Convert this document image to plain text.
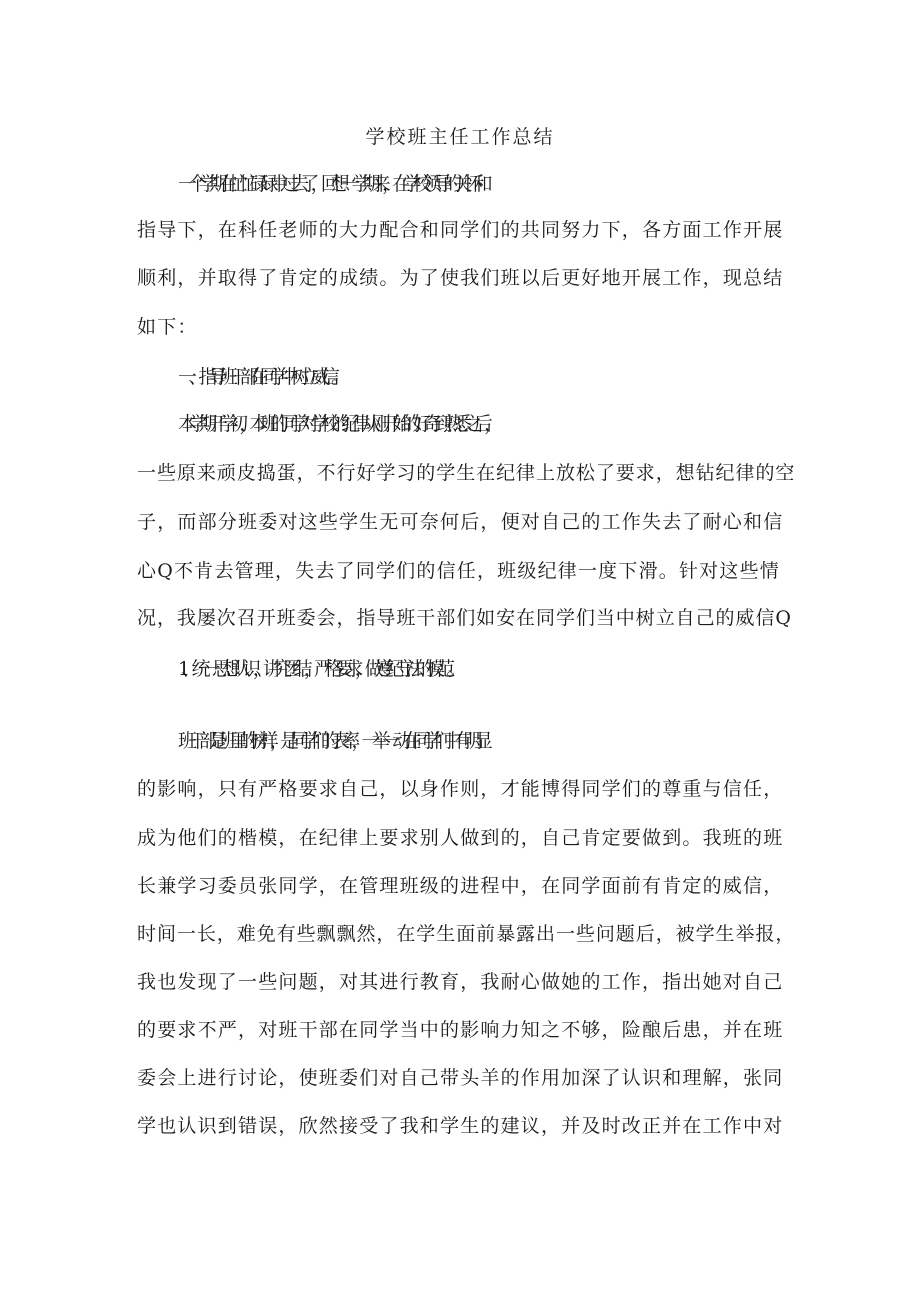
学校班主任工作总结
一个学期在忙忙碌碌中过去了，回想一学期来，在学校领导的关怀和
指导下，在科任老师的大力配合和同学们的共同努力下，各方面工作开展
顺利，并取得了肯定的成绩。为了使我们班以后更好地开展工作，现总结
如下：
一、指导班干部在同学中树立威信。
本学期开学初，本班的同学对学校的纪律从刚开始的好奇到熟悉之后，
一些原来顽皮捣蛋，不行好学习的学生在纪律上放松了要求，想钻纪律的空
子，而部分班委对这些学生无可奈何后，便对自己的工作失去了耐心和信
心Q不肯去管理，失去了同学们的信任，班级纪律一度下滑。针对这些情
况，我屡次召开班委会，指导班干部们如安在同学们当中树立自己的威信Q
1、统一思想认识，讲究团结，严格要求，做遵纪守法的模范。
班干部是班里的榜样，是同学们的表率，一举一动在同学们中有明显
的影响，只有严格要求自己，以身作则，才能博得同学们的尊重与信任，
成为他们的楷模，在纪律上要求别人做到的，自己肯定要做到。我班的班
长兼学习委员张同学，在管理班级的进程中，在同学面前有肯定的威信，
时间一长，难免有些飘飘然，在学生面前暴露出一些问题后，被学生举报，
我也发现了一些问题，对其进行教育，我耐心做她的工作，指出她对自己
的要求不严，对班干部在同学当中的影响力知之不够，险酿后患，并在班
委会上进行讨论，使班委们对自己带头羊的作用加深了认识和理解，张同
学也认识到错误，欣然接受了我和学生的建议，并及时改正并在工作中对
